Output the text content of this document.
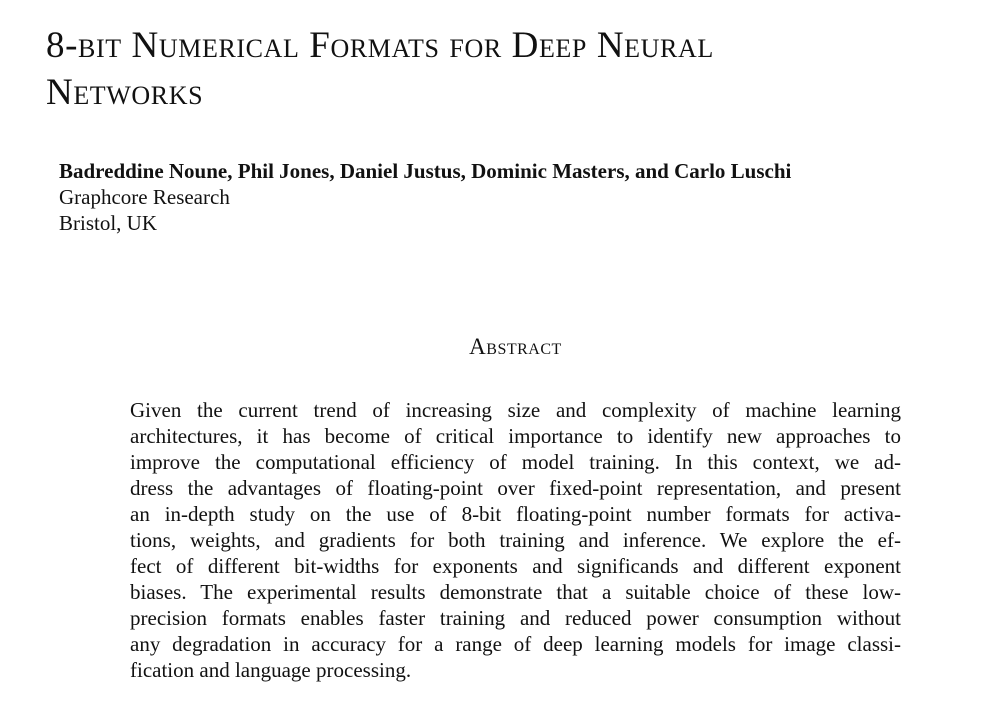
8-bit Numerical Formats for Deep Neural
Networks
Badreddine Noune, Phil Jones, Daniel Justus, Dominic Masters, and Carlo Luschi
Graphcore Research
Bristol, UK
Abstract
Given the current trend of increasing size and complexity of machine learning
architectures, it has become of critical importance to identify new approaches to
improve the computational efficiency of model training. In this context, we ad-
dress the advantages of floating-point over fixed-point representation, and present
an in-depth study on the use of 8-bit floating-point number formats for activa-
tions, weights, and gradients for both training and inference. We explore the ef-
fect of different bit-widths for exponents and significands and different exponent
biases. The experimental results demonstrate that a suitable choice of these low-
precision formats enables faster training and reduced power consumption without
any degradation in accuracy for a range of deep learning models for image classi-
fication and language processing.
